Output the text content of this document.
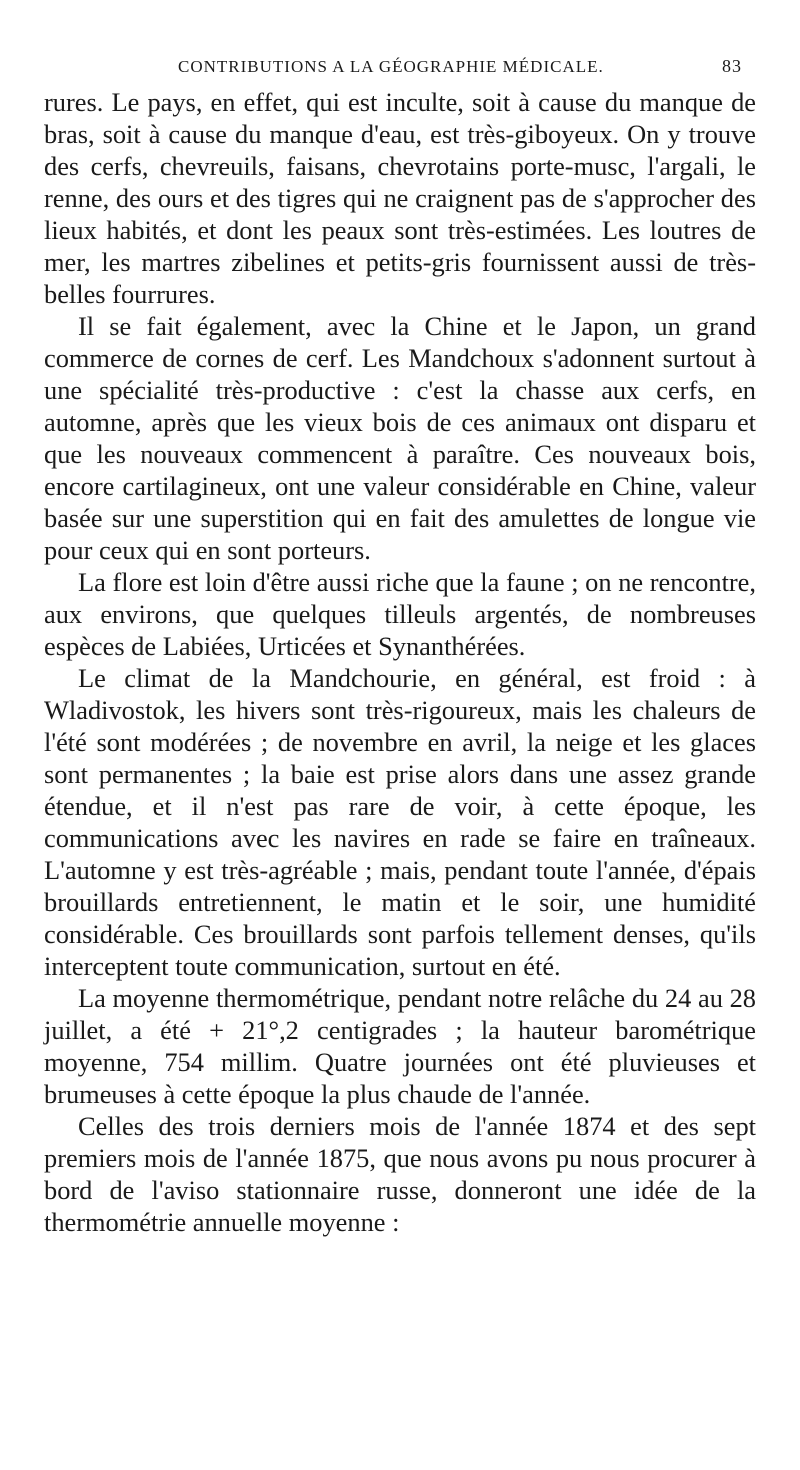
CONTRIBUTIONS A LA GÉOGRAPHIE MÉDICALE.	83

rures. Le pays, en effet, qui est inculte, soit à cause du manque de bras, soit à cause du manque d'eau, est très-giboyeux. On y trouve des cerfs, chevreuils, faisans, chevrotains porte-musc, l'argali, le renne, des ours et des tigres qui ne craignent pas de s'approcher des lieux habités, et dont les peaux sont très-estimées. Les loutres de mer, les martres zibelines et petits-gris fournissent aussi de très-belles fourrures.

Il se fait également, avec la Chine et le Japon, un grand commerce de cornes de cerf. Les Mandchoux s'adonnent surtout à une spécialité très-productive : c'est la chasse aux cerfs, en automne, après que les vieux bois de ces animaux ont disparu et que les nouveaux commencent à paraître. Ces nouveaux bois, encore cartilagineux, ont une valeur considérable en Chine, valeur basée sur une superstition qui en fait des amulettes de longue vie pour ceux qui en sont porteurs.

La flore est loin d'être aussi riche que la faune ; on ne rencontre, aux environs, que quelques tilleuls argentés, de nombreuses espèces de Labiées, Urticées et Synanthérées.

Le climat de la Mandchourie, en général, est froid : à Wladivostok, les hivers sont très-rigoureux, mais les chaleurs de l'été sont modérées ; de novembre en avril, la neige et les glaces sont permanentes ; la baie est prise alors dans une assez grande étendue, et il n'est pas rare de voir, à cette époque, les communications avec les navires en rade se faire en traîneaux. L'automne y est très-agréable ; mais, pendant toute l'année, d'épais brouillards entretiennent, le matin et le soir, une humidité considérable. Ces brouillards sont parfois tellement denses, qu'ils interceptent toute communication, surtout en été.

La moyenne thermométrique, pendant notre relâche du 24 au 28 juillet, a été + 21°,2 centigrades ; la hauteur barométrique moyenne, 754 millim. Quatre journées ont été pluvieuses et brumeuses à cette époque la plus chaude de l'année.

Celles des trois derniers mois de l'année 1874 et des sept premiers mois de l'année 1875, que nous avons pu nous procurer à bord de l'aviso stationnaire russe, donneront une idée de la thermométrie annuelle moyenne :
